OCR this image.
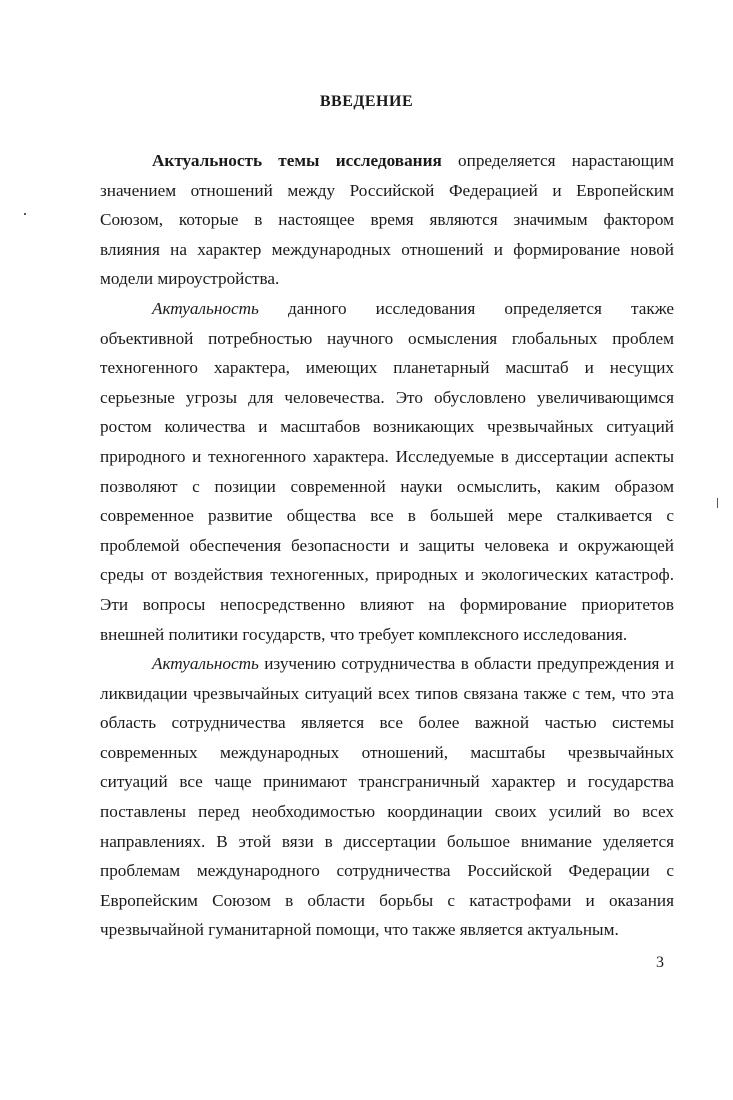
ВВЕДЕНИЕ
Актуальность темы исследования определяется нарастающим
значением отношений между Российской Федерацией и Европейским
Союзом, которые в настоящее время являются значимым фактором
влияния на характер международных отношений и формирование новой
модели мироустройства.
Актуальность данного исследования определяется также
объективной потребностью научного осмысления глобальных проблем
техногенного характера, имеющих планетарный масштаб и несущих
серьезные угрозы для человечества. Это обусловлено увеличивающимся
ростом количества и масштабов возникающих чрезвычайных ситуаций
природного и техногенного характера. Исследуемые в диссертации аспекты
позволяют с позиции современной науки осмыслить, каким образом
современное развитие общества все в большей мере сталкивается с
проблемой обеспечения безопасности и защиты человека и окружающей
среды от воздействия техногенных, природных и экологических катастроф.
Эти вопросы непосредственно влияют на формирование приоритетов
внешней политики государств, что требует комплексного исследования.
Актуальность изучению сотрудничества в области предупреждения и
ликвидации чрезвычайных ситуаций всех типов связана также с тем, что эта
область сотрудничества является все более важной частью системы
современных международных отношений, масштабы чрезвычайных
ситуаций все чаще принимают трансграничный характер и государства
поставлены перед необходимостью координации своих усилий во всех
направлениях. В этой вязи в диссертации большое внимание уделяется
проблемам международного сотрудничества Российской Федерации с
Европейским Союзом в области борьбы с катастрофами и оказания
чрезвычайной гуманитарной помощи, что также является актуальным.
3
